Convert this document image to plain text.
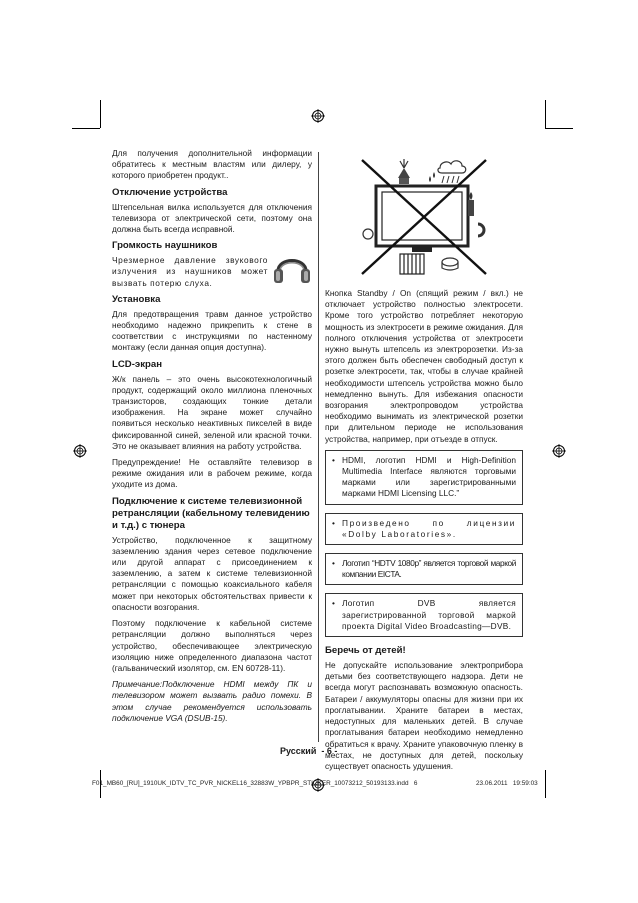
Для получения дополнительной информации обратитесь к местным властям или дилеру, у которого приобретен продукт..

Отключение устройства

Штепсельная вилка используется для отключения телевизора от электрической сети, поэтому она должна быть всегда исправной.

Громкость наушников

Чрезмерное давление звукового излучения из наушников может вызвать потерю слуха.

Установка

Для предотвращения травм данное устройство необходимо надежно прикрепить к стене в соответствии с инструкциями по настенному монтажу (если данная опция доступна).

LCD-экран

Ж/к панель – это очень высокотехнологичный продукт, содержащий около миллиона пленочных транзисторов, создающих тонкие детали изображения. На экране может случайно появиться несколько неактивных пикселей в виде фиксированной синей, зеленой или красной точки. Это не оказывает влияния на работу устройства.

Предупреждение! Не оставляйте телевизор в режиме ожидания или в рабочем режиме, когда уходите из дома.

Подключение к системе телевизионной ретрансляции (кабельному телевидению и т.д.) с тюнера

Устройство, подключенное к защитному заземлению здания через сетевое подключение или другой аппарат с присоединением к заземлению, а затем к системе телевизионной ретрансляции с помощью коаксиального кабеля может при некоторых обстоятельствах привести к опасности возгорания.

Поэтому подключение к кабельной системе ретрансляции должно выполняться через устройство, обеспечивающее электрическую изоляцию ниже определенного диапазона частот (гальванический изолятор, см. EN 60728-11).

Примечание:Подключение HDMI между ПК и телевизором может вызвать радио помехи. В этом случае рекомендуется использовать подключение VGA (DSUB-15).

Кнопка Standby / On (спящий режим / вкл.) не отключает устройство полностью электросети. Кроме того устройство потребляет некоторую мощность из электросети в режиме ожидания. Для полного отключения устройства от электросети нужно вынуть штепсель из электророзетки. Из-за этого должен быть обеспечен свободный доступ к розетке электросети, так, чтобы в случае крайней необходимости штепсель устройства можно было немедленно вынуть. Для избежания опасности возгорания электропроводом устройства необходимо вынимать из электрической розетки при длительном периоде не использования устройства, например, при отъезде в отпуск.

• HDMI, логотип HDMI и High-Definition Multimedia Interface являются торговыми марками или зарегистрированными марками HDMI Licensing LLC.”
• Произведено по лицензии «Dolby Laboratories».
• Логотип “HDTV 1080p” является торговой маркой компании EICTA.
• Логотип DVB является зарегистрированной торговой маркой проекта Digital Video Broadcasting—DVB.
Беречь от детей!

Не допускайте использование электроприбора детьми без соответствующего надзора. Дети не всегда могут распознавать возможную опасность. Батареи / аккумуляторы опасны для жизни при их проглатывании. Храните батареи в местах, недоступных для маленьких детей. В случае проглатывания батареи необходимо немедленно обратиться к врачу. Храните упаковочную пленку в местах, не доступных для детей, поскольку существует опасность удушения.

Русский  - 6 -
F01_MB60_[RU]_1910UK_IDTV_TC_PVR_NICKEL16_32883W_YPBPR_STICKER_10073212_50193133.indd   6	23.06.2011   19:59:03
